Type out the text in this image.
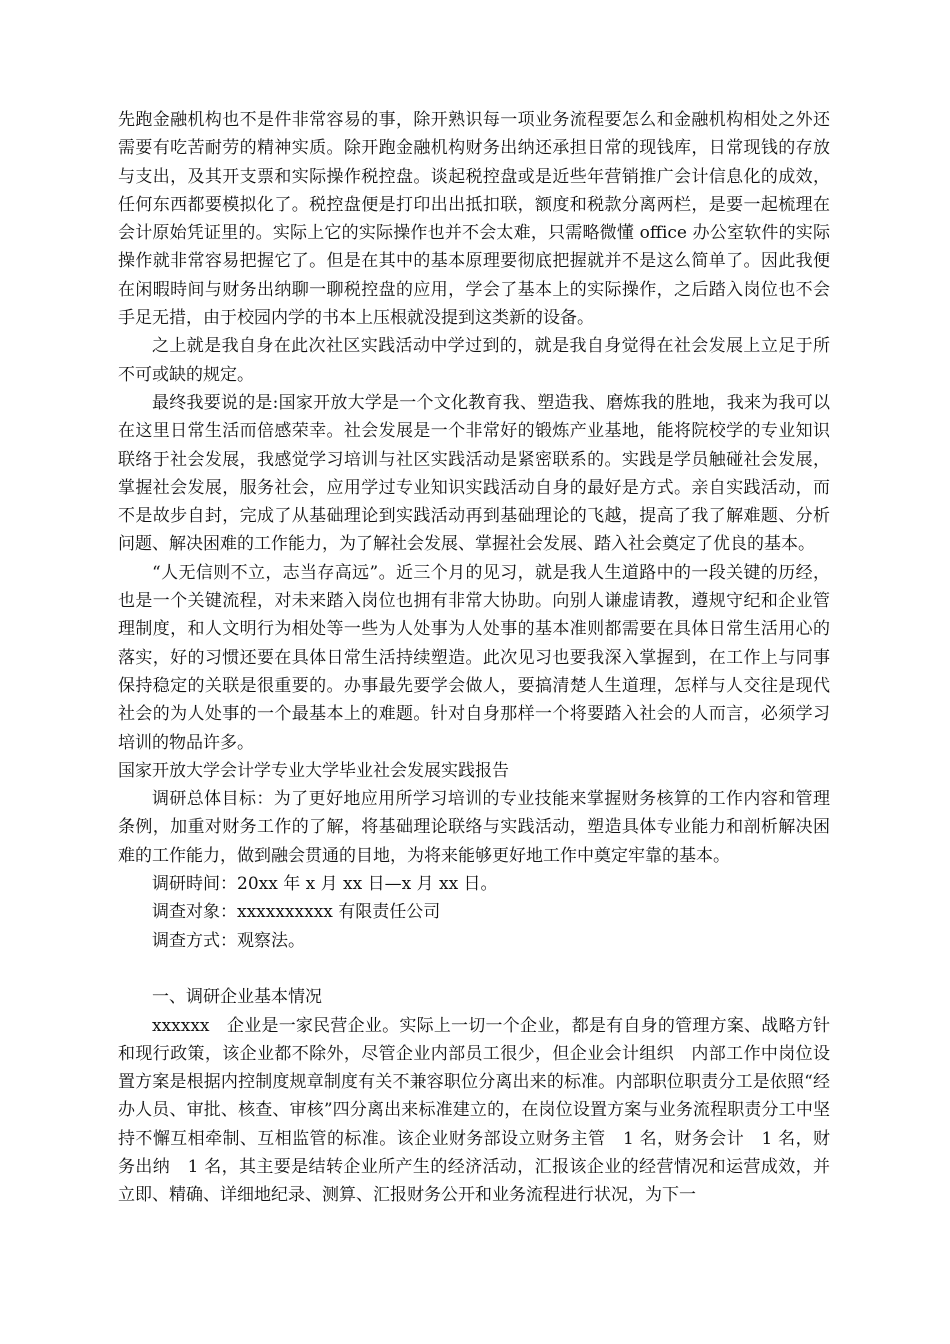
先跑金融机构也不是件非常容易的事，除开熟识每一项业务流程要怎么和金融机构相处之外还需要有吃苦耐劳的精神实质。除开跑金融机构财务出纳还承担日常的现钱库，日常现钱的存放与支出，及其开支票和实际操作税控盘。谈起税控盘或是近些年营销推广会计信息化的成效，任何东西都要模拟化了。税控盘便是打印出出抵扣联，额度和税款分离两栏，是要一起梳理在会计原始凭证里的。实际上它的实际操作也并不会太难，只需略微懂 office 办公室软件的实际操作就非常容易把握它了。但是在其中的基本原理要彻底把握就并不是这么简单了。因此我便在闲暇時间与财务出纳聊一聊税控盘的应用，学会了基本上的实际操作，之后踏入岗位也不会手足无措，由于校园内学的书本上压根就没提到这类新的设备。

之上就是我自身在此次社区实践活动中学过到的，就是我自身觉得在社会发展上立足于所不可或缺的规定。

最终我要说的是:国家开放大学是一个文化教育我、塑造我、磨炼我的胜地，我来为我可以在这里日常生活而倍感荣幸。社会发展是一个非常好的锻炼产业基地，能将院校学的专业知识联络于社会发展，我感觉学习培训与社区实践活动是紧密联系的。实践是学员触碰社会发展，掌握社会发展，服务社会，应用学过专业知识实践活动自身的最好是方式。亲自实践活动，而不是故步自封，完成了从基础理论到实践活动再到基础理论的飞越，提高了我了解难题、分析问题、解决困难的工作能力，为了解社会发展、掌握社会发展、踏入社会奠定了优良的基本。

“人无信则不立，志当存高远”。近三个月的见习，就是我人生道路中的一段关键的历经，也是一个关键流程，对未来踏入岗位也拥有非常大协助。向别人谦虚请教，遵规守纪和企业管理制度，和人文明行为相处等一些为人处事为人处事的基本准则都需要在具体日常生活用心的落实，好的习惯还要在具体日常生活持续塑造。此次见习也要我深入掌握到，在工作上与同事保持稳定的关联是很重要的。办事最先要学会做人，要搞清楚人生道理，怎样与人交往是现代社会的为人处事的一个最基本上的难题。针对自身那样一个将要踏入社会的人而言，必须学习培训的物品许多。

国家开放大学会计学专业大学毕业社会发展实践报告

调研总体目标：为了更好地应用所学习培训的专业技能来掌握财务核算的工作内容和管理条例，加重对财务工作的了解，将基础理论联络与实践活动，塑造具体专业能力和剖析解决困难的工作能力，做到融会贯通的目地，为将来能够更好地工作中奠定牢靠的基本。

调研時间：20xx 年 x 月 xx 日—x 月 xx 日。

调查对象：xxxxxxxxxx 有限责任公司

调查方式：观察法。

一、调研企业基本情况

xxxxxx　企业是一家民营企业。实际上一切一个企业，都是有自身的管理方案、战略方针和现行政策，该企业都不除外，尽管企业内部员工很少，但企业会计组织　内部工作中岗位设置方案是根据内控制度规章制度有关不兼容职位分离出来的标准。内部职位职责分工是依照“经办人员、审批、核查、审核”四分离出来标准建立的，在岗位设置方案与业务流程职责分工中坚持不懈互相牵制、互相监管的标准。该企业财务部设立财务主管　1 名，财务会计　1 名，财务出纳　1 名，其主要是结转企业所产生的经济活动，汇报该企业的经营情况和运营成效，并立即、精确、详细地纪录、测算、汇报财务公开和业务流程进行状况，为下一
